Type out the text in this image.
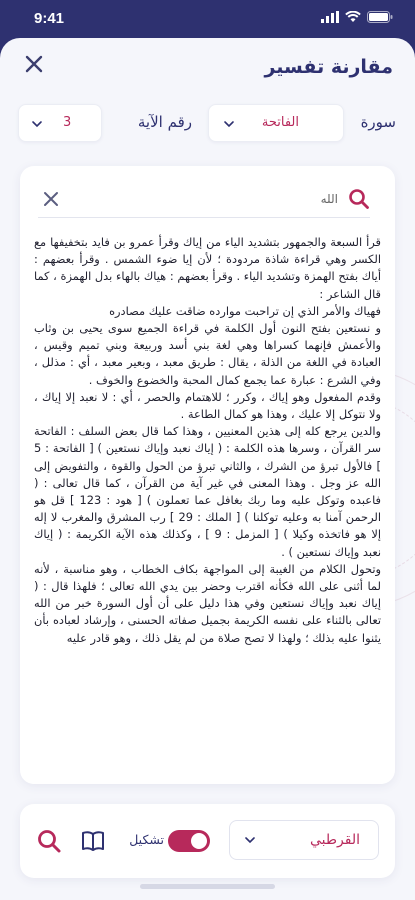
9:41
مقارنة تفسير
سورة
الفاتحة
رقم الآية
3
الله

قرأ السبعة والجمهور بتشديد الياء من إياك وقرأ عمرو بن فايد بتخفيفها مع الكسر وهي قراءة شاذة مردودة ؛ لأن إيا ضوء الشمس . وقرأ بعضهم : أياك بفتح الهمزة وتشديد الياء . وقرأ بعضهم : هياك بالهاء بدل الهمزة ، كما قال الشاعر :

فهياك والأمر الذي إن تراحبت موارده ضاقت عليك مصادره

و نستعين بفتح النون أول الكلمة في قراءة الجميع سوى يحيى بن وثاب والأعمش فإنهما كسراها وهي لغة بني أسد وربيعة وبني تميم وقيس ، العبادة في اللغة من الذلة ، يقال : طريق معبد ، وبعير معبد ، أي : مذلل ، وفي الشرع : عبارة عما يجمع كمال المحبة والخضوع والخوف .

وقدم المفعول وهو إياك ، وكرر ؛ للاهتمام والحصر ، أي : لا نعبد إلا إياك ، ولا نتوكل إلا عليك ، وهذا هو كمال الطاعة .

والدين يرجع كله إلى هذين المعنيين ، وهذا كما قال بعض السلف : الفاتحة سر القرآن ، وسرها هذه الكلمة : ( إياك نعبد وإياك نستعين ) [ الفاتحة : 5 ] فالأول تبرؤ من الشرك ، والثاني تبرؤ من الحول والقوة ، والتفويض إلى الله عز وجل . وهذا المعنى في غير آية من القرآن ، كما قال تعالى : ( فاعبده وتوكل عليه وما ربك بغافل عما تعملون ) [ هود : 123 ] قل هو الرحمن آمنا به وعليه توكلنا ) [ الملك : 29 ] رب المشرق والمغرب لا إله إلا هو فاتخذه وكيلا ) [ المزمل : 9 ] ، وكذلك هذه الآية الكريمة : ( إياك نعبد وإياك نستعين ) .

وتحول الكلام من الغيبة إلى المواجهة بكاف الخطاب ، وهو مناسبة ، لأنه لما أثنى على الله فكأنه اقترب وحضر بين يدي الله تعالى ؛ فلهذا قال : ( إياك نعبد وإياك نستعين وفي هذا دليل على أن أول السورة خبر من الله تعالى بالثناء على نفسه الكريمة بجميل صفاته الحسنى ، وإرشاد لعباده بأن يثنوا عليه بذلك ؛ ولهذا لا تصح صلاة من لم يقل ذلك ، وهو قادر عليه

القرطبي
تشكيل
